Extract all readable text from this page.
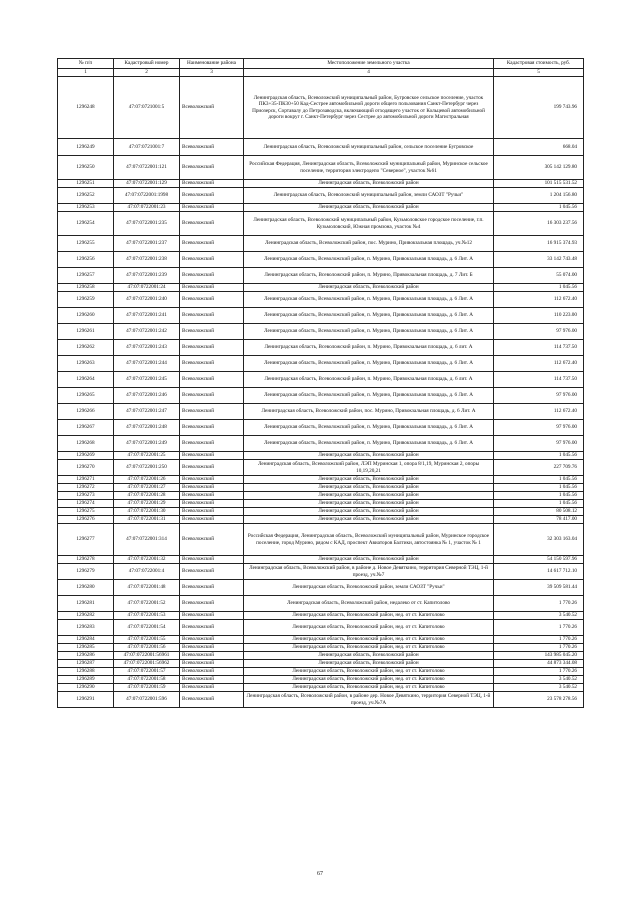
№ п/п	Кадастровый номер	Наименование района	Местоположение земельного участка	Кадастровая стоимость, руб.
1	2	3	4	5
1296248	47:07:0721001:5	Всеволожский	Ленинградская область, Всеволожский муниципальный район, Бугровское сельское поселение, участок ПК3+35-ПК30+50 Кад-Сестрее автомобильной дороги общего пользования Санкт-Петербург через Приозерск, Сортавалу до Петрозаводска, включающий отходящего участок от Кольцевой автомобильной дороги вокруг г. Санкт-Петербург через Сестрее до автомобильной дороги Магистральная	199 743.96
1296249	47:07:0721001:7	Всеволожский	Ленинградская область, Всеволожский муниципальный район, сельское поселение Бугровское	668.04
1296250	47:07:0722001:121	Всеволожский	Российская Федерация, Ленинградская область, Всеволожский муниципальный район, Муринское сельское поселение, территория электродепо "Северное", участок №61	305 142 129.80
1296251	47:07:0722001:129	Всеволожский	Ленинградская область, Всеволожский район	101 515 531.52
1296252	47:07:0722001:1998	Всеволожский	Ленинградская область, Всеволожский муниципальный район, земли САОЗТ "Ручьи"	1 204 156.80
1296253	47:07:0722001:23	Всеволожский	Ленинградская область, Всеволожский район	1 045.56
1296254	47:07:0722001:235	Всеволожский	Ленинградская область, Всеволожский муниципальный район, Кузьмоловское городское поселение, г.п. Кузьмоловский, Южная промзона, участок №4	16 303 237.56
1296255	47:07:0722001:237	Всеволожский	Ленинградская область, Всеволожский район, пос. Мурино, Привокзальная площадь, уч.№12	16 915 374.93
1296256	47:07:0722001:238	Всеволожский	Ленинградская область, Всеволожский район, п. Мурино, Привокзальная площадь, д. 6 Лит. А	33 142 743.48
1296257	47:07:0722001:239	Всеволожский	Ленинградская область, Всеволожский район, п. Мурино, Привокзальная площадь, д. 7 Лит. Б	55 074.00
1296258	47:07:0722001:24	Всеволожский	Ленинградская область, Всеволожский район	1 045.56
1296259	47:07:0722001:240	Всеволожский	Ленинградская область, Всеволожский район, п. Мурино, Привокзальная площадь, д. 6 Лит. А	112 672.40
1296260	47:07:0722001:241	Всеволожский	Ленинградская область, Всеволожский район, п. Мурино, Привокзальная площадь, д. 6 Лит. А	110 223.00
1296261	47:07:0722001:242	Всеволожский	Ленинградская область, Всеволожский район, п. Мурино, Привокзальная площадь, д. 6 Лит. А	97 976.00
1296262	47:07:0722001:243	Всеволожский	Ленинградская область, Всеволожский район, п. Мурино, Привокзальная площадь, д. 6 лит. А	114 737.50
1296263	47:07:0722001:244	Всеволожский	Ленинградская область, Всеволожский район, п. Мурино, Привокзальная площадь, д. 6 Лит. А	112 672.40
1296264	47:07:0722001:245	Всеволожский	Ленинградская область, Всеволожский район, п. Мурино, Привокзальная площадь, д. 6 лит. А	114 737.50
1296265	47:07:0722001:246	Всеволожский	Ленинградская область, Всеволожский район, п. Мурино, Привокзальная площадь, д. 6 Лит. А	97 976.00
1296266	47:07:0722001:247	Всеволожский	Ленинградская область, Всеволожский район, пос. Мурино, Привокзальная площадь, д. 6 Лит. А	112 672.40
1296267	47:07:0722001:248	Всеволожский	Ленинградская область, Всеволожский район, п. Мурино, Привокзальная площадь, д. 6 Лит. А	97 976.00
1296268	47:07:0722001:249	Всеволожский	Ленинградская область, Всеволожский район, п. Мурино, Привокзальная площадь, д. 6 Лит. А	97 976.00
1296269	47:07:0722001:25	Всеволожский	Ленинградская область, Всеволожский район	1 045.56
1296270	47:07:0722001:250	Всеволожский	Ленинградская область, Всеволожский район, ЛЭП Муринская 1, опора 8/1,19, Муринская 2, опоры 10,19,20,21	227 709.76
1296271	47:07:0722001:26	Всеволожский	Ленинградская область, Всеволожский район	1 045.56
1296272	47:07:0722001:27	Всеволожский	Ленинградская область, Всеволожский район	1 045.56
1296273	47:07:0722001:28	Всеволожский	Ленинградская область, Всеволожский район	1 045.56
1296274	47:07:0722001:29	Всеволожский	Ленинградская область, Всеволожский район	1 045.56
1296275	47:07:0722001:30	Всеволожский	Ленинградская область, Всеволожский район	80 508.12
1296276	47:07:0722001:31	Всеволожский	Ленинградская область, Всеволожский район	78 417.00
1296277	47:07:0722001:314	Всеволожский	Российская Федерация, Ленинградская область, Всеволожский муниципальный район, Муринское городское поселение, город Мурино, рядом с КАД, проспект Авиаторов Балтики, автостоянка № 1, участок № 1	32 303 163.04
1296278	47:07:0722001:32	Всеволожский	Ленинградская область, Всеволожский район	54 150 597.96
1296279	47:07:0722001:4	Всеволожский	Ленинградская область, Всеволожский район, в районе д. Новое Девяткино, территория Северной ТЭЦ, 1-й проезд, уч.№7	14 617 712.10
1296280	47:07:0722001:48	Всеволожский	Ленинградская область, Всеволожский район, земли САОЗТ "Ручьи"	39 509 581.44
1296281	47:07:0722001:52	Всеволожский	Ленинградская область, Всеволожский район, недалеко от ст. Капитолово	1 770.26
1296282	47:07:0722001:53	Всеволожский	Ленинградская область, Всеволожский район, нед. от ст. Капитолово	3 540.52
1296283	47:07:0722001:54	Всеволожский	Ленинградская область, Всеволожский район, нед. от ст. Капитолово	1 770.26
1296284	47:07:0722001:55	Всеволожский	Ленинградская область, Всеволожский район, нед. от ст. Капитолово	1 770.26
1296285	47:07:0722001:56	Всеволожский	Ленинградская область, Всеволожский район, нед. от ст. Капитолово	1 770.26
1296286	47:07:0722001:56961	Всеволожский	Ленинградская область, Всеволожский район	143 985 045.20
1296287	47:07:0722001:56962	Всеволожский	Ленинградская область, Всеволожский район	44 873 344.08
1296288	47:07:0722001:57	Всеволожский	Ленинградская область, Всеволожский район, нед. от ст. Капитолово	1 770.26
1296289	47:07:0722001:58	Всеволожский	Ленинградская область, Всеволожский район, нед. от ст. Капитолово	3 540.52
1296290	47:07:0722001:59	Всеволожский	Ленинградская область, Всеволожский район, нед. от ст. Капитолово	3 540.52
1296291	47:07:0722001:596	Всеволожский	Ленинградская область, Всеволожский район, в районе дер. Новое Девяткино, территория Северной ТЭЦ, 1-й проезд, уч.№7А	23 578 278.56
67
